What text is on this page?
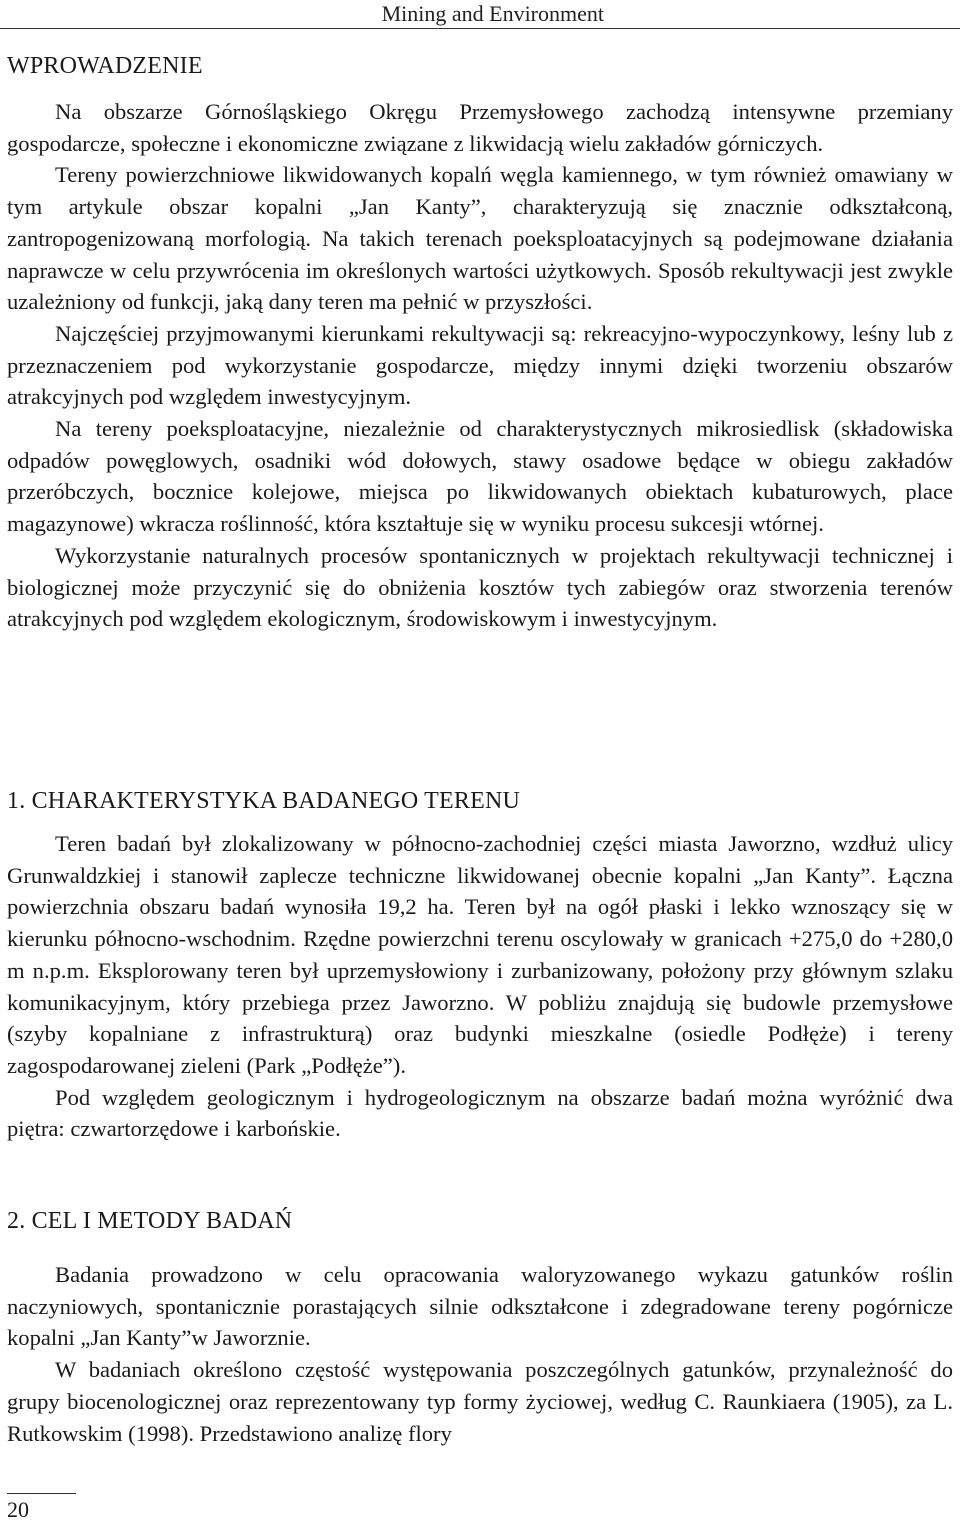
Mining and Environment
WPROWADZENIE

Na obszarze Górnośląskiego Okręgu Przemysłowego zachodzą intensywne przemiany gospodarcze, społeczne i ekonomiczne związane z likwidacją wielu zakładów górniczych.

Tereny powierzchniowe likwidowanych kopalń węgla kamiennego, w tym również omawiany w tym artykule obszar kopalni „Jan Kanty”, charakteryzują się znacznie odkształconą, zantropogenizowaną morfologią. Na takich terenach poeksploatacyjnych są podejmowane działania naprawcze w celu przywrócenia im określonych wartości użytkowych. Sposób rekultywacji jest zwykle uzależniony od funkcji, jaką dany teren ma pełnić w przyszłości.

Najczęściej przyjmowanymi kierunkami rekultywacji są: rekreacyjno-wypoczynkowy, leśny lub z przeznaczeniem pod wykorzystanie gospodarcze, między innymi dzięki tworzeniu obszarów atrakcyjnych pod względem inwestycyjnym.

Na tereny poeksploatacyjne, niezależnie od charakterystycznych mikrosiedlisk (składowiska odpadów powęglowych, osadniki wód dołowych, stawy osadowe będące w obiegu zakładów przeróbczych, bocznice kolejowe, miejsca po likwidowanych obiektach kubaturowych, place magazynowe) wkracza roślinność, która kształtuje się w wyniku procesu sukcesji wtórnej.

Wykorzystanie naturalnych procesów spontanicznych w projektach rekultywacji technicznej i biologicznej może przyczynić się do obniżenia kosztów tych zabiegów oraz stworzenia terenów atrakcyjnych pod względem ekologicznym, środowiskowym i inwestycyjnym.

1. CHARAKTERYSTYKA BADANEGO TERENU

Teren badań był zlokalizowany w północno-zachodniej części miasta Jaworzno, wzdłuż ulicy Grunwaldzkiej i stanowił zaplecze techniczne likwidowanej obecnie kopalni „Jan Kanty”. Łączna powierzchnia obszaru badań wynosiła 19,2 ha. Teren był na ogół płaski i lekko wznoszący się w kierunku północno-wschodnim. Rzędne powierzchni terenu oscylowały w granicach +275,0 do +280,0 m n.p.m. Eksplorowany teren był uprzemysłowiony i zurbanizowany, położony przy głównym szlaku komunikacyjnym, który przebiega przez Jaworzno. W pobliżu znajdują się budowle przemysłowe (szyby kopalniane z infrastrukturą) oraz budynki mieszkalne (osiedle Podłęże) i tereny zagospodarowanej zieleni (Park „Podłęże”).

Pod względem geologicznym i hydrogeologicznym na obszarze badań można wyróżnić dwa piętra: czwartorzędowe i karbońskie.

2. CEL I METODY BADAŃ

Badania prowadzono w celu opracowania waloryzowanego wykazu gatunków roślin naczyniowych, spontanicznie porastających silnie odkształcone i zdegradowane tereny pogórnicze kopalni „Jan Kanty”w Jaworznie.

W badaniach określono częstość występowania poszczególnych gatunków, przynależność do grupy biocenologicznej oraz reprezentowany typ formy życiowej, według C. Raunkiaera (1905), za L. Rutkowskim (1998). Przedstawiono analizę flory

20
